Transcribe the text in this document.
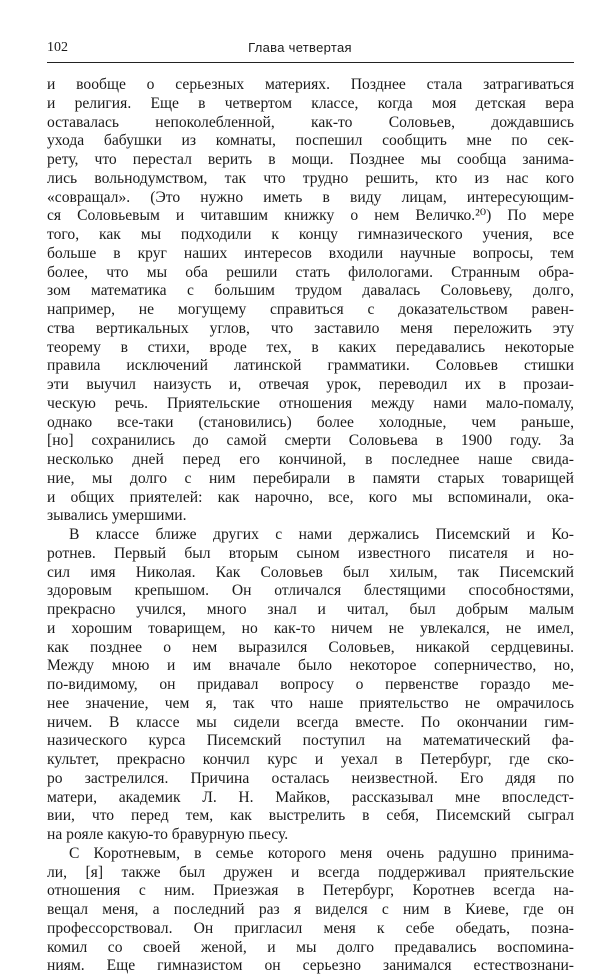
102	Глава четвертая
и вообще о серьезных материях. Позднее стала затрагиваться
и религия. Еще в четвертом классе, когда моя детская вера
оставалась непоколебленной, как-то Соловьев, дождавшись
ухода бабушки из комнаты, поспешил сообщить мне по сек-
рету, что перестал верить в мощи. Позднее мы сообща занима-
лись вольнодумством, так что трудно решить, кто из нас кого
«совращал». (Это нужно иметь в виду лицам, интересующим-
ся Соловьевым и читавшим книжку о нем Величко.²⁰) По мере
того, как мы подходили к концу гимназического учения, все
больше в круг наших интересов входили научные вопросы, тем
более, что мы оба решили стать филологами. Странным обра-
зом математика с большим трудом давалась Соловьеву, долго,
например, не могущему справиться с доказательством равен-
ства вертикальных углов, что заставило меня переложить эту
теорему в стихи, вроде тех, в каких передавались некоторые
правила исключений латинской грамматики. Соловьев стишки
эти выучил наизусть и, отвечая урок, переводил их в прозаи-
ческую речь. Приятельские отношения между нами мало-помалу,
однако все-таки (становились) более холодные, чем раньше,
[но] сохранились до самой смерти Соловьева в 1900 году. За
несколько дней перед его кончиной, в последнее наше свида-
ние, мы долго с ним перебирали в памяти старых товарищей
и общих приятелей: как нарочно, все, кого мы вспоминали, ока-
зывались умершими.
В классе ближе других с нами держались Писемский и Ко-
ротнев. Первый был вторым сыном известного писателя и но-
сил имя Николая. Как Соловьев был хилым, так Писемский
здоровым крепышом. Он отличался блестящими способностями,
прекрасно учился, много знал и читал, был добрым малым
и хорошим товарищем, но как-то ничем не увлекался, не имел,
как позднее о нем выразился Соловьев, никакой сердцевины.
Между мною и им вначале было некоторое соперничество, но,
по-видимому, он придавал вопросу о первенстве гораздо ме-
нее значение, чем я, так что наше приятельство не омрачилось
ничем. В классе мы сидели всегда вместе. По окончании гим-
назического курса Писемский поступил на математический фа-
культет, прекрасно кончил курс и уехал в Петербург, где ско-
ро застрелился. Причина осталась неизвестной. Его дядя по
матери, академик Л. Н. Майков, рассказывал мне впоследст-
вии, что перед тем, как выстрелить в себя, Писемский сыграл
на рояле какую-то бравурную пьесу.
С Коротневым, в семье которого меня очень радушно принима-
ли, [я] также был дружен и всегда поддерживал приятельские
отношения с ним. Приезжая в Петербург, Коротнев всегда на-
вещал меня, а последний раз я виделся с ним в Киеве, где он
профессорствовал. Он пригласил меня к себе обедать, позна-
комил со своей женой, и мы долго предавались воспомина-
ниям. Еще гимназистом он серьезно занимался естествознани-
